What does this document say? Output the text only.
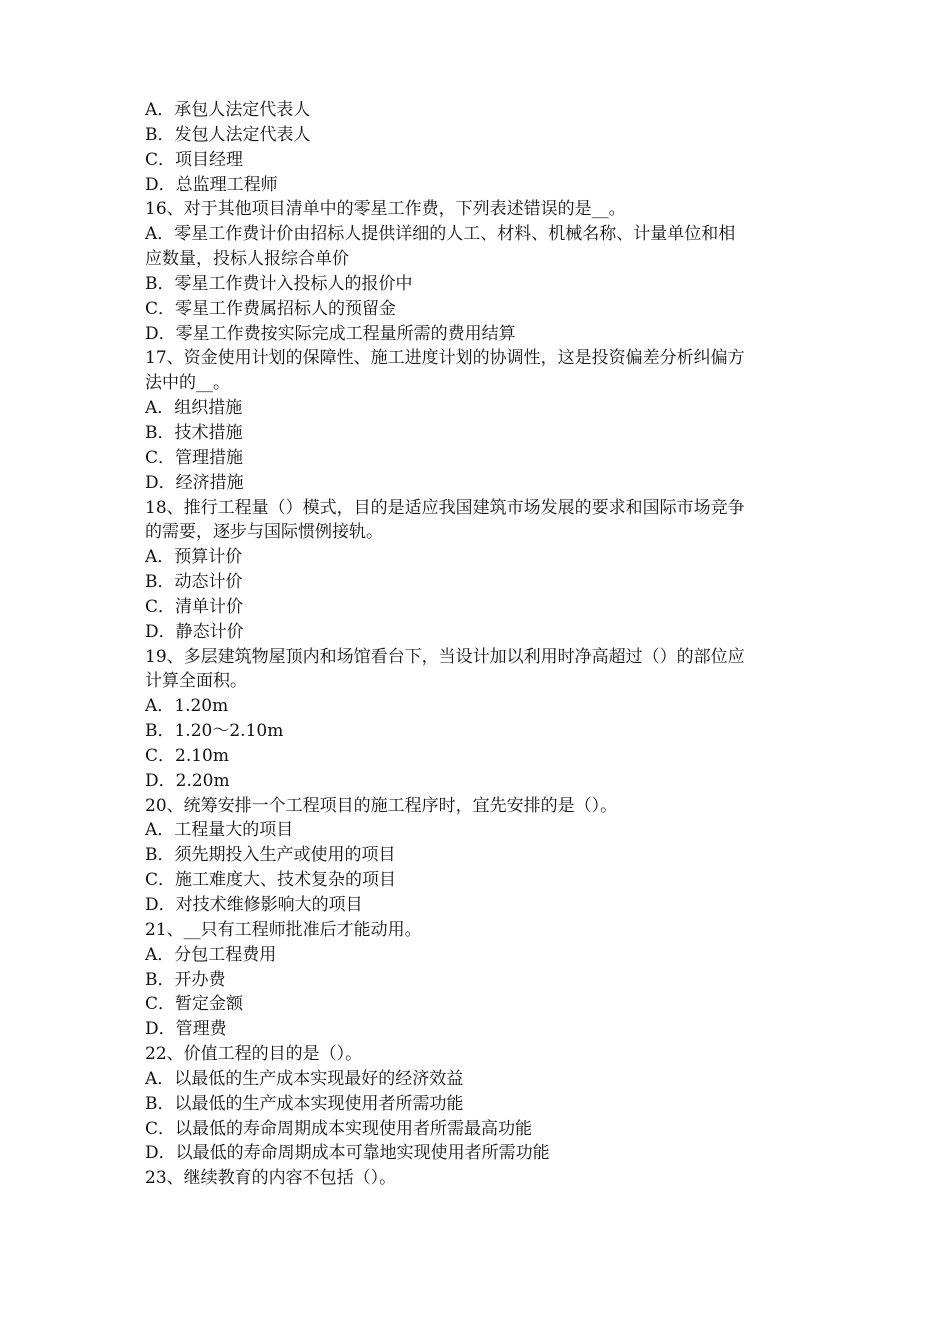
A．承包人法定代表人
B．发包人法定代表人
C．项目经理
D．总监理工程师
16、对于其他项目清单中的零星工作费，下列表述错误的是__。
A．零星工作费计价由招标人提供详细的人工、材料、机械名称、计量单位和相
应数量，投标人报综合单价
B．零星工作费计入投标人的报价中
C．零星工作费属招标人的预留金
D．零星工作费按实际完成工程量所需的费用结算
17、资金使用计划的保障性、施工进度计划的协调性，这是投资偏差分析纠偏方
法中的__。
A．组织措施
B．技术措施
C．管理措施
D．经济措施
18、推行工程量（）模式，目的是适应我国建筑市场发展的要求和国际市场竞争
的需要，逐步与国际惯例接轨。
A．预算计价
B．动态计价
C．清单计价
D．静态计价
19、多层建筑物屋顶内和场馆看台下，当设计加以利用时净高超过（）的部位应
计算全面积。
A．1.20m
B．1.20～2.10m
C．2.10m
D．2.20m
20、统筹安排一个工程项目的施工程序时，宜先安排的是（）。
A．工程量大的项目
B．须先期投入生产或使用的项目
C．施工难度大、技术复杂的项目
D．对技术维修影响大的项目
21、__只有工程师批准后才能动用。
A．分包工程费用
B．开办费
C．暂定金额
D．管理费
22、价值工程的目的是（）。
A．以最低的生产成本实现最好的经济效益
B．以最低的生产成本实现使用者所需功能
C．以最低的寿命周期成本实现使用者所需最高功能
D．以最低的寿命周期成本可靠地实现使用者所需功能
23、继续教育的内容不包括（）。
